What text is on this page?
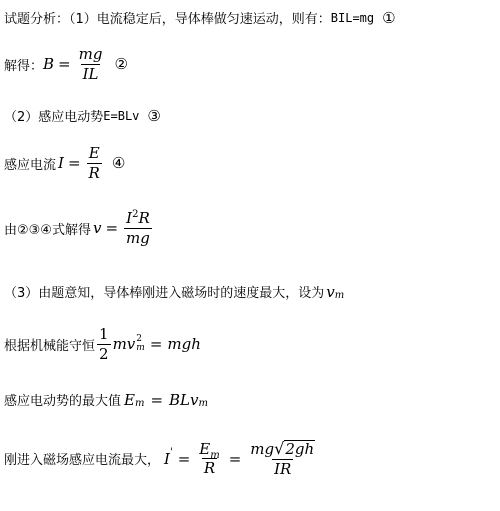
试题分析：（1）电流稳定后，导体棒做匀速运动，则有： BIL=mg ①
解得： $B = \frac{mg}{IL}$ ②
（2）感应电动势 E=BLv ③
感应电流 $I = \frac{E}{R}$ ④
由②③④式解得 $v = \frac{I^2R}{mg}$
（3）由题意知，导体棒刚进入磁场时的速度最大，设为 v m
根据机械能守恒 $\frac{1}{2}$ mv 2
m = mgh
感应电动势的最大值 E m = BLv m
刚进入磁场感应电流最大， I ' = $\frac{E_m}{R} = \frac{mg √ 2gh}{IR}$
